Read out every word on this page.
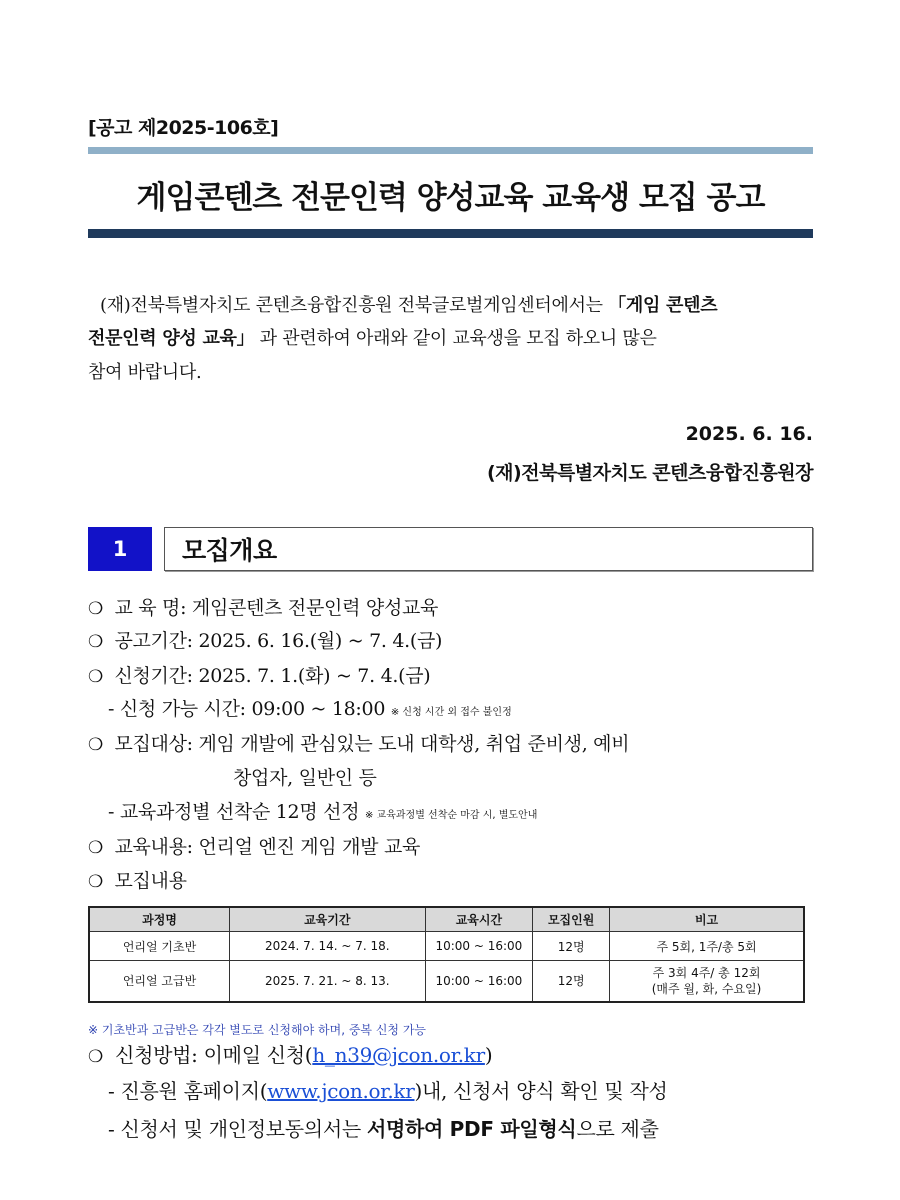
[공고 제2025-106호]
게임콘텐츠 전문인력 양성교육 교육생 모집 공고
(재)전북특별자치도 콘텐츠융합진흥원 전북글로벌게임센터에서는 「게임 콘텐츠
전문인력 양성 교육」 과 관련하여 아래와 같이 교육생을 모집 하오니 많은
참여 바랍니다.
2025. 6. 16.
(재)전북특별자치도 콘텐츠융합진흥원장
1	모집개요
❍ 교 육 명: 게임콘텐츠 전문인력 양성교육
❍ 공고기간: 2025. 6. 16.(월) ~ 7. 4.(금)
❍ 신청기간: 2025. 7. 1.(화) ~ 7. 4.(금)
- 신청 가능 시간: 09:00 ~ 18:00 ※ 신청 시간 외 접수 불인정
❍ 모집대상: 게임 개발에 관심있는 도내 대학생, 취업 준비생, 예비
창업자, 일반인 등
- 교육과정별 선착순 12명 선정 ※ 교육과정별 선착순 마감 시, 별도안내
❍ 교육내용: 언리얼 엔진 게임 개발 교육
❍ 모집내용
과정명	교육기간	교육시간	모집인원	비고
언리얼 기초반	2024. 7. 14. ~ 7. 18.	10:00 ~ 16:00	12명	주 5회, 1주/총 5회
언리얼 고급반	2025. 7. 21. ~ 8. 13.	10:00 ~ 16:00	12명	주 3회 4주/ 총 12회
(매주 월, 화, 수요일)
※ 기초반과 고급반은 각각 별도로 신청해야 하며, 중복 신청 가능
❍ 신청방법: 이메일 신청(h_n39@jcon.or.kr)
- 진흥원 홈페이지(www.jcon.or.kr)내, 신청서 양식 확인 및 작성
- 신청서 및 개인정보동의서는 서명하여 PDF 파일형식으로 제출
